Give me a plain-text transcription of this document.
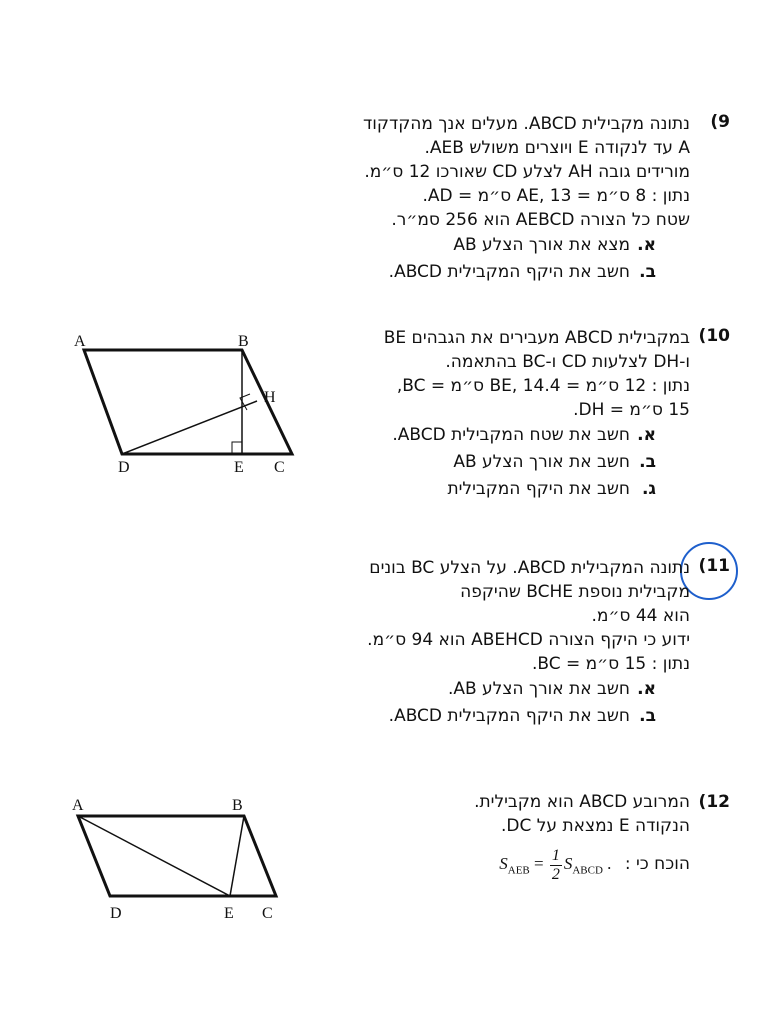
9)
נתונה מקבילית ABCD. מעלים אנך מהקדקוד
A עד לנקודה E ויוצרים משולש AEB.
מורידים גובה AH לצלע CD שאורכו 12 ס״מ.
נתון : 8 ס״מ = AE, 13 ס״מ = AD.
שטח כל הצורה AEBCD הוא 256 סמ״ר.
א.מצא את אורך הצלע AB
ב.חשב את היקף המקבילית ABCD.
A	B
H
D	E C
10)
במקבילית ABCD מעבירים את הגבהים BE
ו-DH לצלעות CD ו-BC בהתאמה.
נתון : 12 ס״מ = BE, 14.4 ס״מ = BC,
15 ס״מ = DH.
א.חשב את שטח המקבילית ABCD.
ב.חשב את אורך הצלע AB
ג.חשב את היקף המקבילית
11)
נתונה המקבילית ABCD. על הצלע BC בונים
מקבילית נוספת BCHE שהיקפה
הוא 44 ס״מ.
ידוע כי היקף הצורה ABEHCD הוא 94 ס״מ.
נתון : 15 ס״מ = BC.
א.חשב את אורך הצלע AB.
ב.חשב את היקף המקבילית ABCD.
A	B
D	E C
12)
המרובע ABCD הוא מקבילית.
הנקודה E נמצאת על DC.
הוכח כי : $S_{AEB} = \frac{1}{2} S_{ABCD}$ .
